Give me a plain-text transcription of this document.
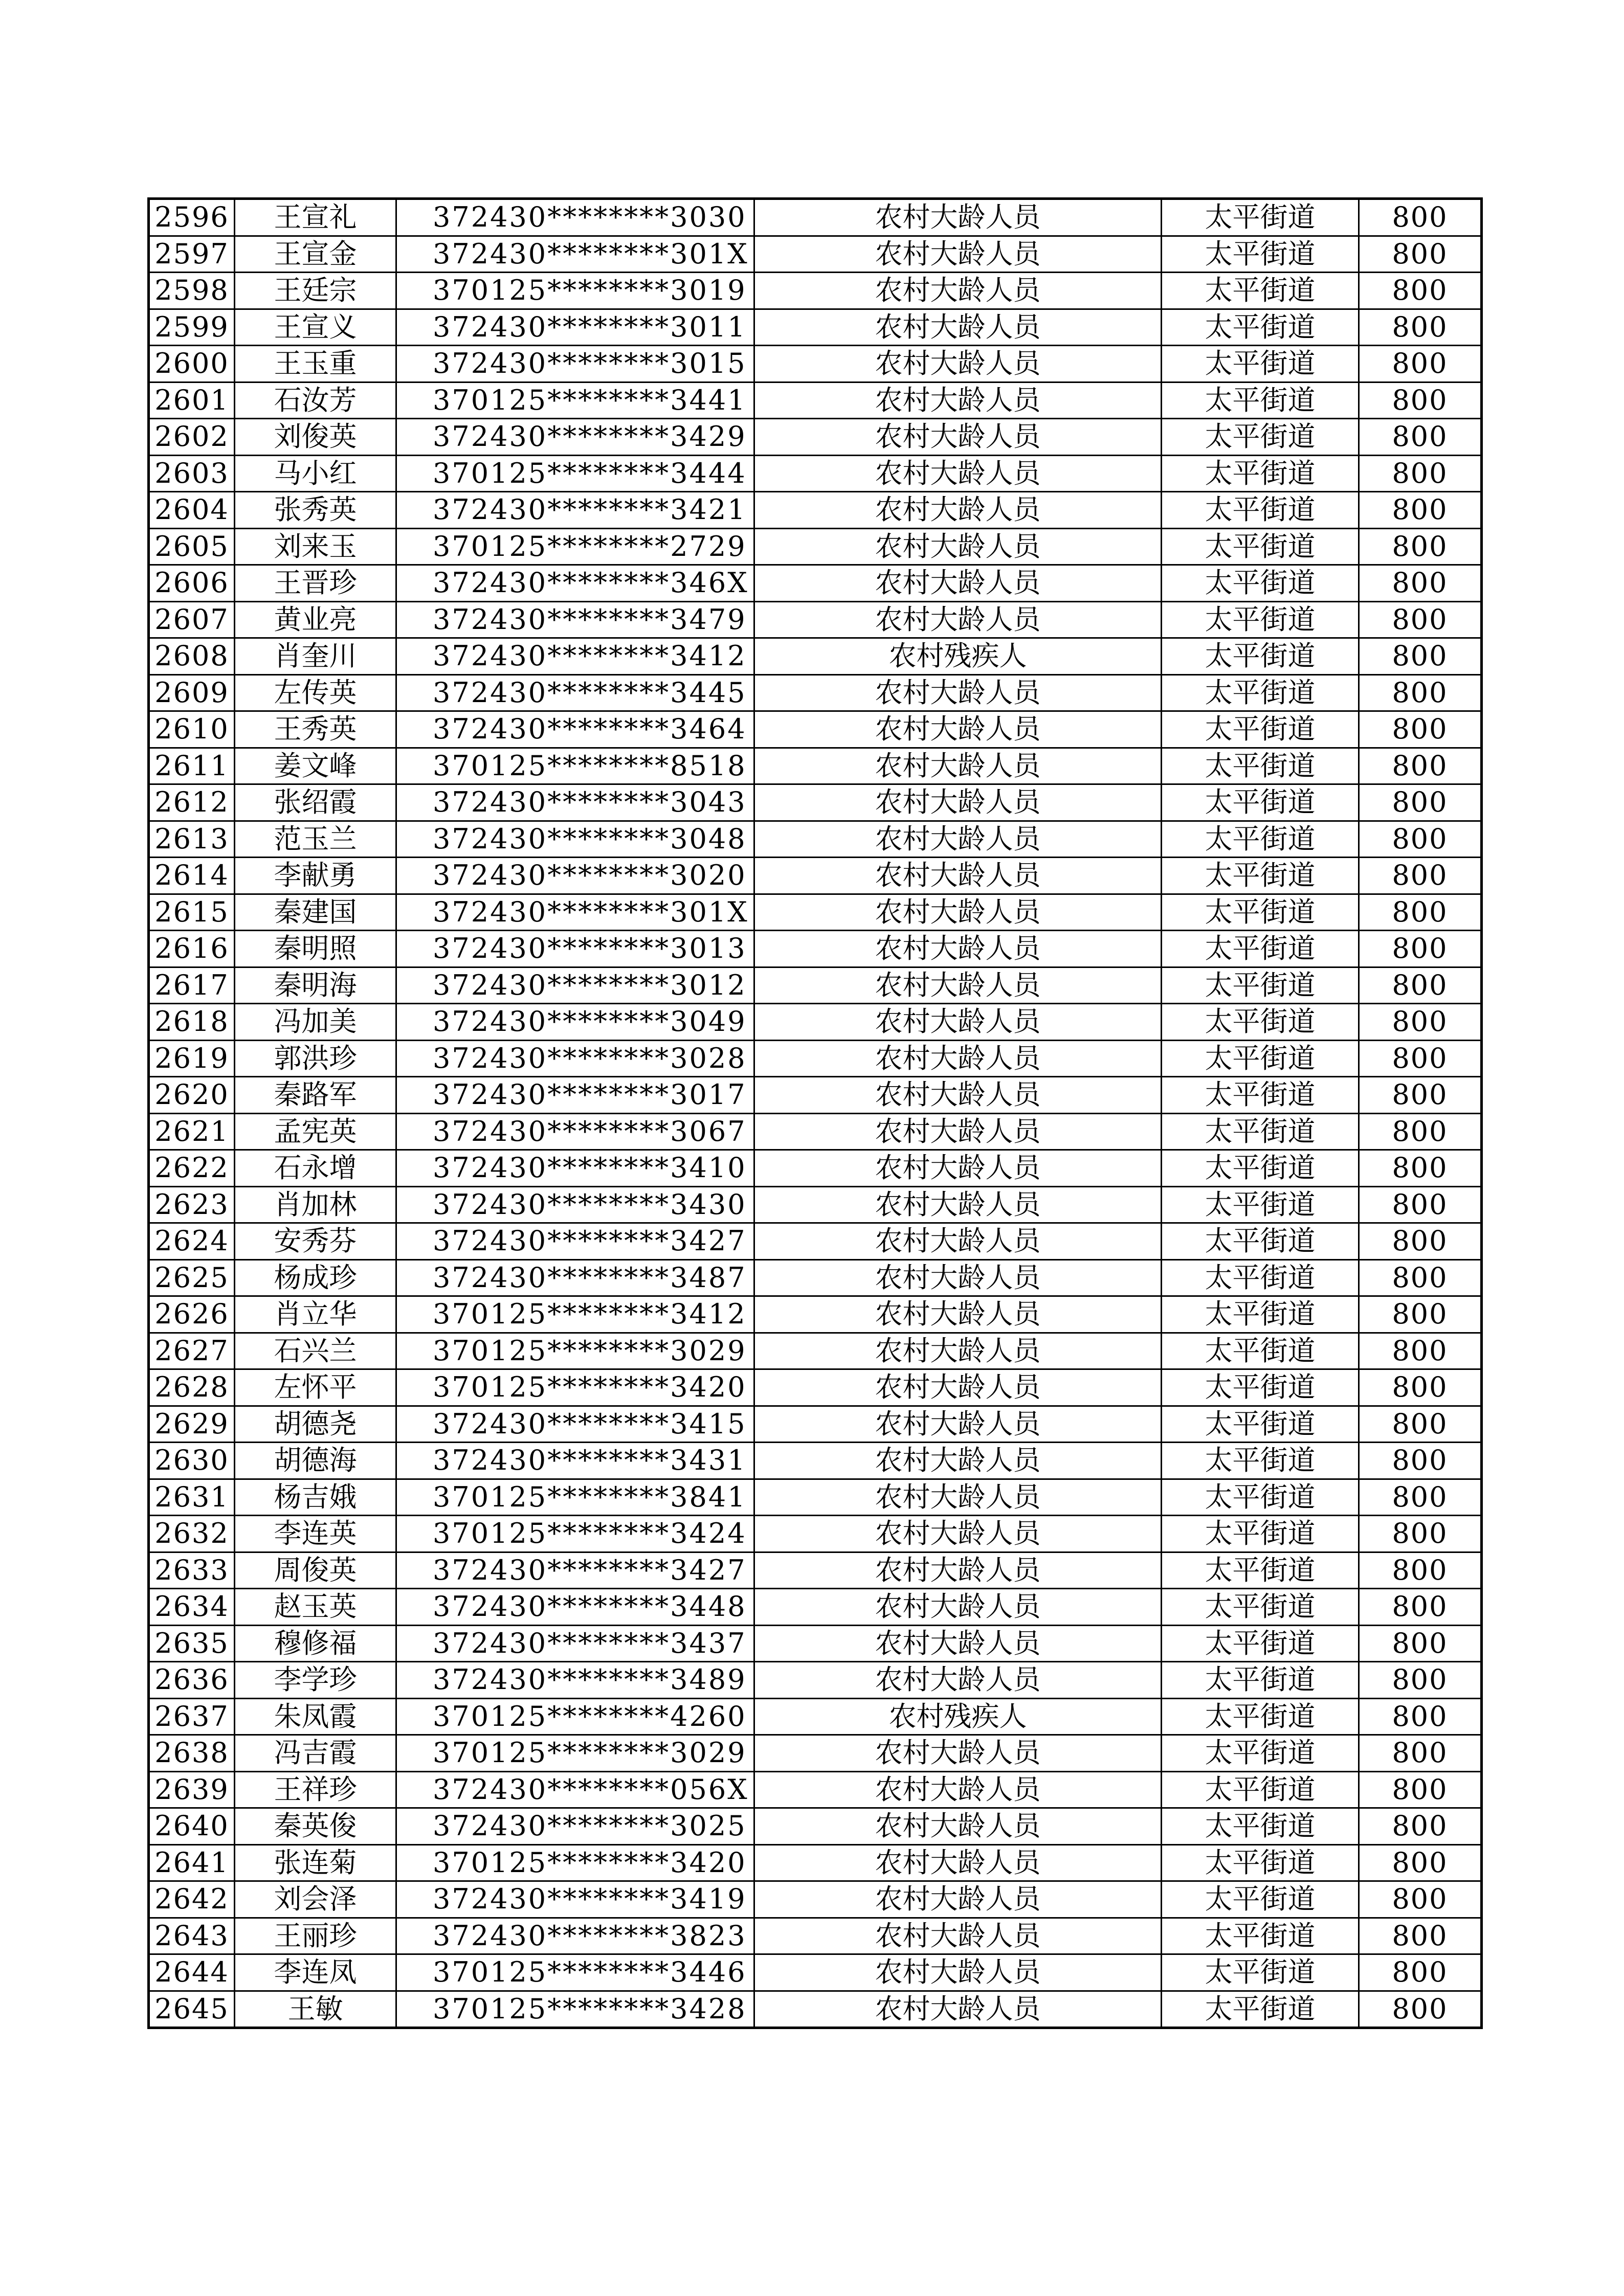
2596	王宣礼	372430********3030	农村大龄人员	太平街道	800
2597	王宣金	372430********301X	农村大龄人员	太平街道	800
2598	王廷宗	370125********3019	农村大龄人员	太平街道	800
2599	王宣义	372430********3011	农村大龄人员	太平街道	800
2600	王玉重	372430********3015	农村大龄人员	太平街道	800
2601	石汝芳	370125********3441	农村大龄人员	太平街道	800
2602	刘俊英	372430********3429	农村大龄人员	太平街道	800
2603	马小红	370125********3444	农村大龄人员	太平街道	800
2604	张秀英	372430********3421	农村大龄人员	太平街道	800
2605	刘来玉	370125********2729	农村大龄人员	太平街道	800
2606	王晋珍	372430********346X	农村大龄人员	太平街道	800
2607	黄业亮	372430********3479	农村大龄人员	太平街道	800
2608	肖奎川	372430********3412	农村残疾人	太平街道	800
2609	左传英	372430********3445	农村大龄人员	太平街道	800
2610	王秀英	372430********3464	农村大龄人员	太平街道	800
2611	姜文峰	370125********8518	农村大龄人员	太平街道	800
2612	张绍霞	372430********3043	农村大龄人员	太平街道	800
2613	范玉兰	372430********3048	农村大龄人员	太平街道	800
2614	李献勇	372430********3020	农村大龄人员	太平街道	800
2615	秦建国	372430********301X	农村大龄人员	太平街道	800
2616	秦明照	372430********3013	农村大龄人员	太平街道	800
2617	秦明海	372430********3012	农村大龄人员	太平街道	800
2618	冯加美	372430********3049	农村大龄人员	太平街道	800
2619	郭洪珍	372430********3028	农村大龄人员	太平街道	800
2620	秦路军	372430********3017	农村大龄人员	太平街道	800
2621	孟宪英	372430********3067	农村大龄人员	太平街道	800
2622	石永增	372430********3410	农村大龄人员	太平街道	800
2623	肖加林	372430********3430	农村大龄人员	太平街道	800
2624	安秀芬	372430********3427	农村大龄人员	太平街道	800
2625	杨成珍	372430********3487	农村大龄人员	太平街道	800
2626	肖立华	370125********3412	农村大龄人员	太平街道	800
2627	石兴兰	370125********3029	农村大龄人员	太平街道	800
2628	左怀平	370125********3420	农村大龄人员	太平街道	800
2629	胡德尧	372430********3415	农村大龄人员	太平街道	800
2630	胡德海	372430********3431	农村大龄人员	太平街道	800
2631	杨吉娥	370125********3841	农村大龄人员	太平街道	800
2632	李连英	370125********3424	农村大龄人员	太平街道	800
2633	周俊英	372430********3427	农村大龄人员	太平街道	800
2634	赵玉英	372430********3448	农村大龄人员	太平街道	800
2635	穆修福	372430********3437	农村大龄人员	太平街道	800
2636	李学珍	372430********3489	农村大龄人员	太平街道	800
2637	朱凤霞	370125********4260	农村残疾人	太平街道	800
2638	冯吉霞	370125********3029	农村大龄人员	太平街道	800
2639	王祥珍	372430********056X	农村大龄人员	太平街道	800
2640	秦英俊	372430********3025	农村大龄人员	太平街道	800
2641	张连菊	370125********3420	农村大龄人员	太平街道	800
2642	刘会泽	372430********3419	农村大龄人员	太平街道	800
2643	王丽珍	372430********3823	农村大龄人员	太平街道	800
2644	李连凤	370125********3446	农村大龄人员	太平街道	800
2645	王敏	370125********3428	农村大龄人员	太平街道	800
